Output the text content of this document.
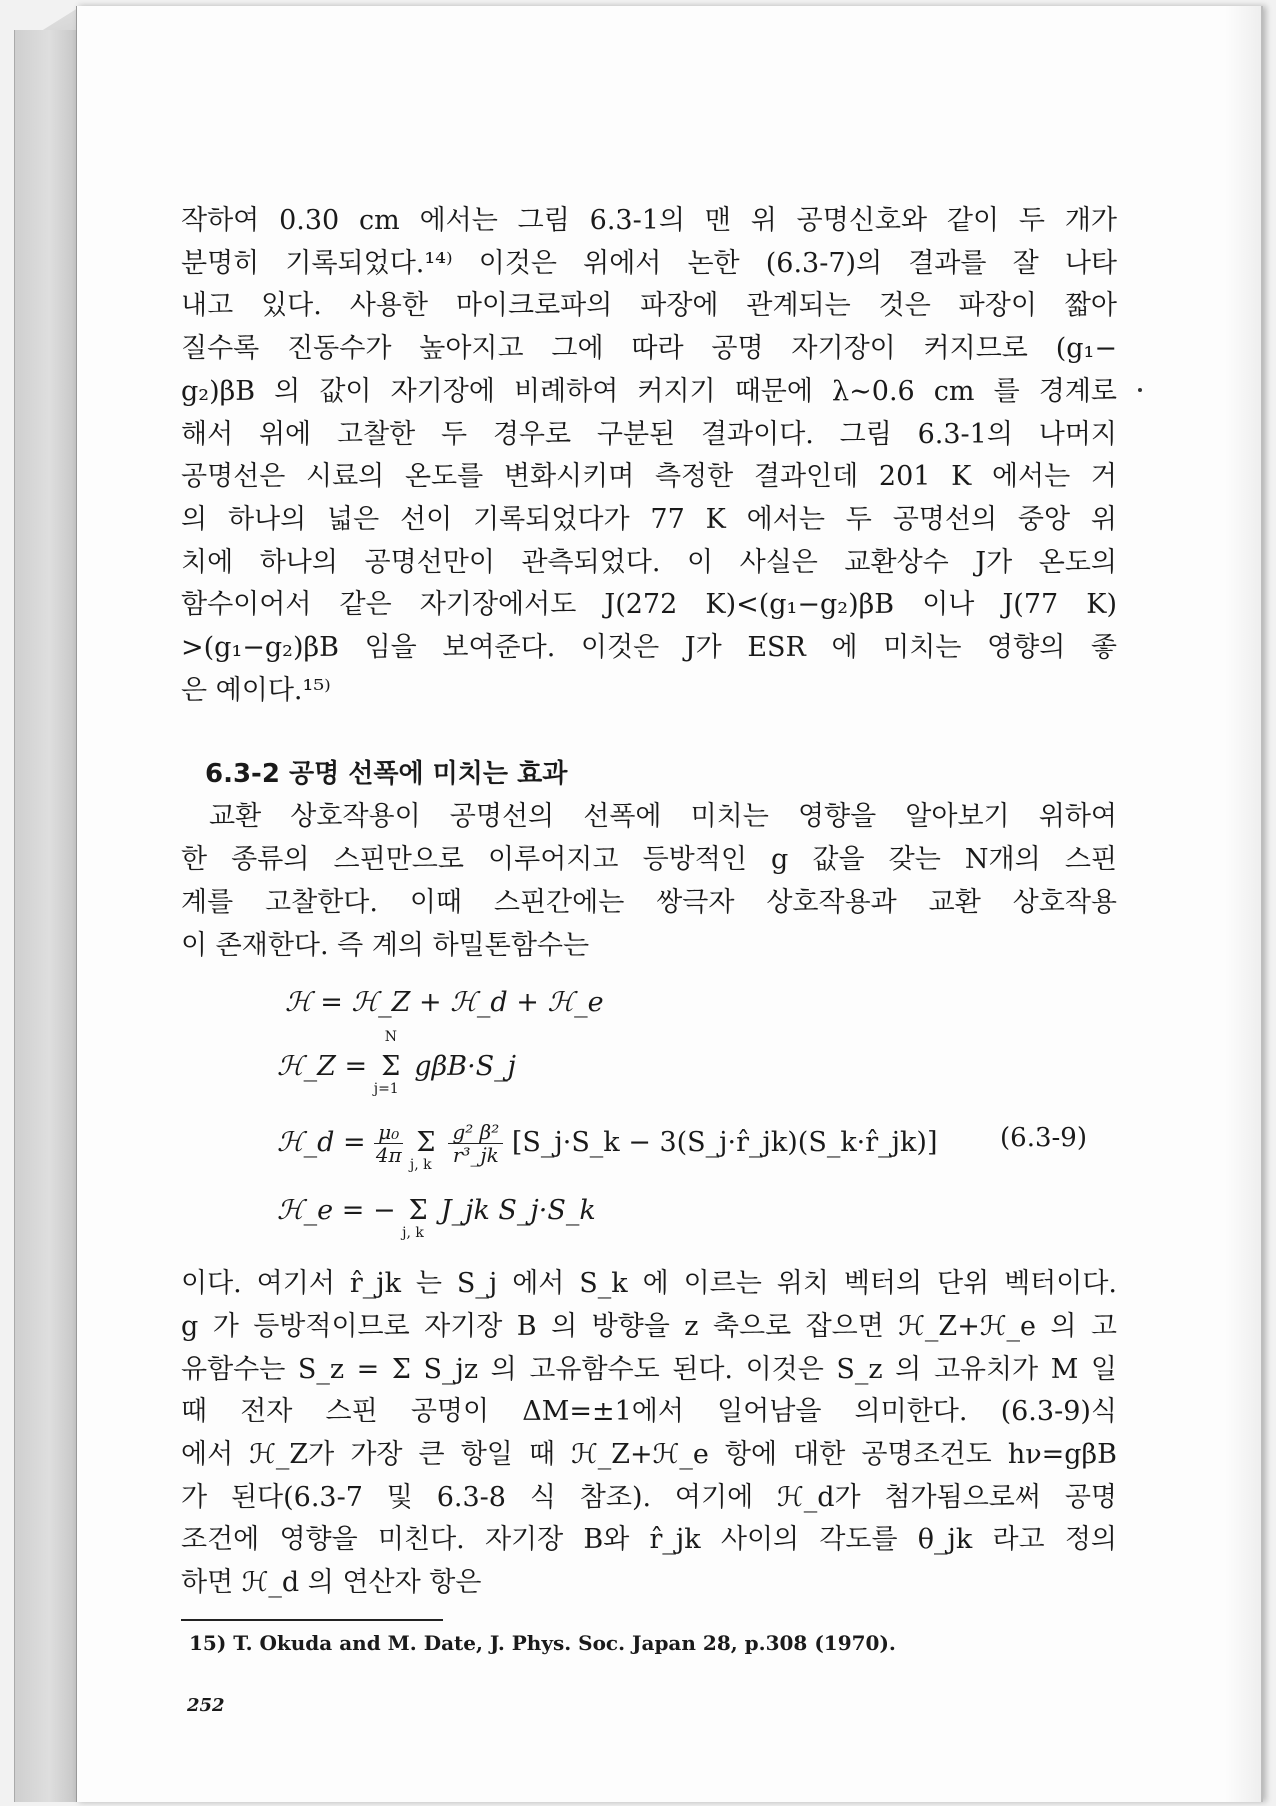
작하여 0.30 cm 에서는 그림 6.3-1의 맨 위 공명신호와 같이 두 개가
분명히 기록되었다.¹⁴⁾ 이것은 위에서 논한 (6.3-7)의 결과를 잘 나타
내고 있다. 사용한 마이크로파의 파장에 관계되는 것은 파장이 짧아
질수록 진동수가 높아지고 그에 따라 공명 자기장이 커지므로 (g₁−
g₂)βB 의 값이 자기장에 비례하여 커지기 때문에 λ∼0.6 cm 를 경계로
해서 위에 고찰한 두 경우로 구분된 결과이다. 그림 6.3-1의 나머지
공명선은 시료의 온도를 변화시키며 측정한 결과인데 201 K 에서는 거
의 하나의 넓은 선이 기록되었다가 77 K 에서는 두 공명선의 중앙 위
치에 하나의 공명선만이 관측되었다. 이 사실은 교환상수 J가 온도의
함수이어서 같은 자기장에서도 J(272 K)<(g₁−g₂)βB 이나 J(77 K)
>(g₁−g₂)βB 임을 보여준다. 이것은 J가 ESR 에 미치는 영향의 좋
은 예이다.¹⁵⁾
6.3-2 공명 선폭에 미치는 효과
교환 상호작용이 공명선의 선폭에 미치는 영향을 알아보기 위하여
한 종류의 스핀만으로 이루어지고 등방적인 g 값을 갖는 N개의 스핀
계를 고찰한다. 이때 스핀간에는 쌍극자 상호작용과 교환 상호작용
이 존재한다. 즉 계의 하밀톤함수는
ℋ = ℋ_Z + ℋ_d + ℋ_e
ℋ_Z =
N
Σ
j=1
gβB·S_j
ℋ_d = $\frac{\text{μ₀}}{4\pi}$ Σ
j, k
$\frac{\text{g² β²}}{\text{r³\_jk}}$ [S_j·S_k − 3(S_j·r̂_jk)(S_k·r̂_jk)] (6.3-9)
ℋ_e = − Σ
j, k
J_jk S_j·S_k
이다. 여기서 r̂_jk 는 S_j 에서 S_k 에 이르는 위치 벡터의 단위 벡터이다.
g 가 등방적이므로 자기장 B 의 방향을 z 축으로 잡으면 ℋ_Z+ℋ_e 의 고
유함수는 S_z = Σ S_jz 의 고유함수도 된다. 이것은 S_z 의 고유치가 M 일
때 전자 스핀 공명이 ΔM=±1에서 일어남을 의미한다. (6.3-9)식
에서 ℋ_Z가 가장 큰 항일 때 ℋ_Z+ℋ_e 항에 대한 공명조건도 hν=gβB
가 된다(6.3-7 및 6.3-8 식 참조). 여기에 ℋ_d가 첨가됨으로써 공명
조건에 영향을 미친다. 자기장 B와 r̂_jk 사이의 각도를 θ_jk 라고 정의
하면 ℋ_d 의 연산자 항은
15) T. Okuda and M. Date, J. Phys. Soc. Japan 28, p.308 (1970).
252
